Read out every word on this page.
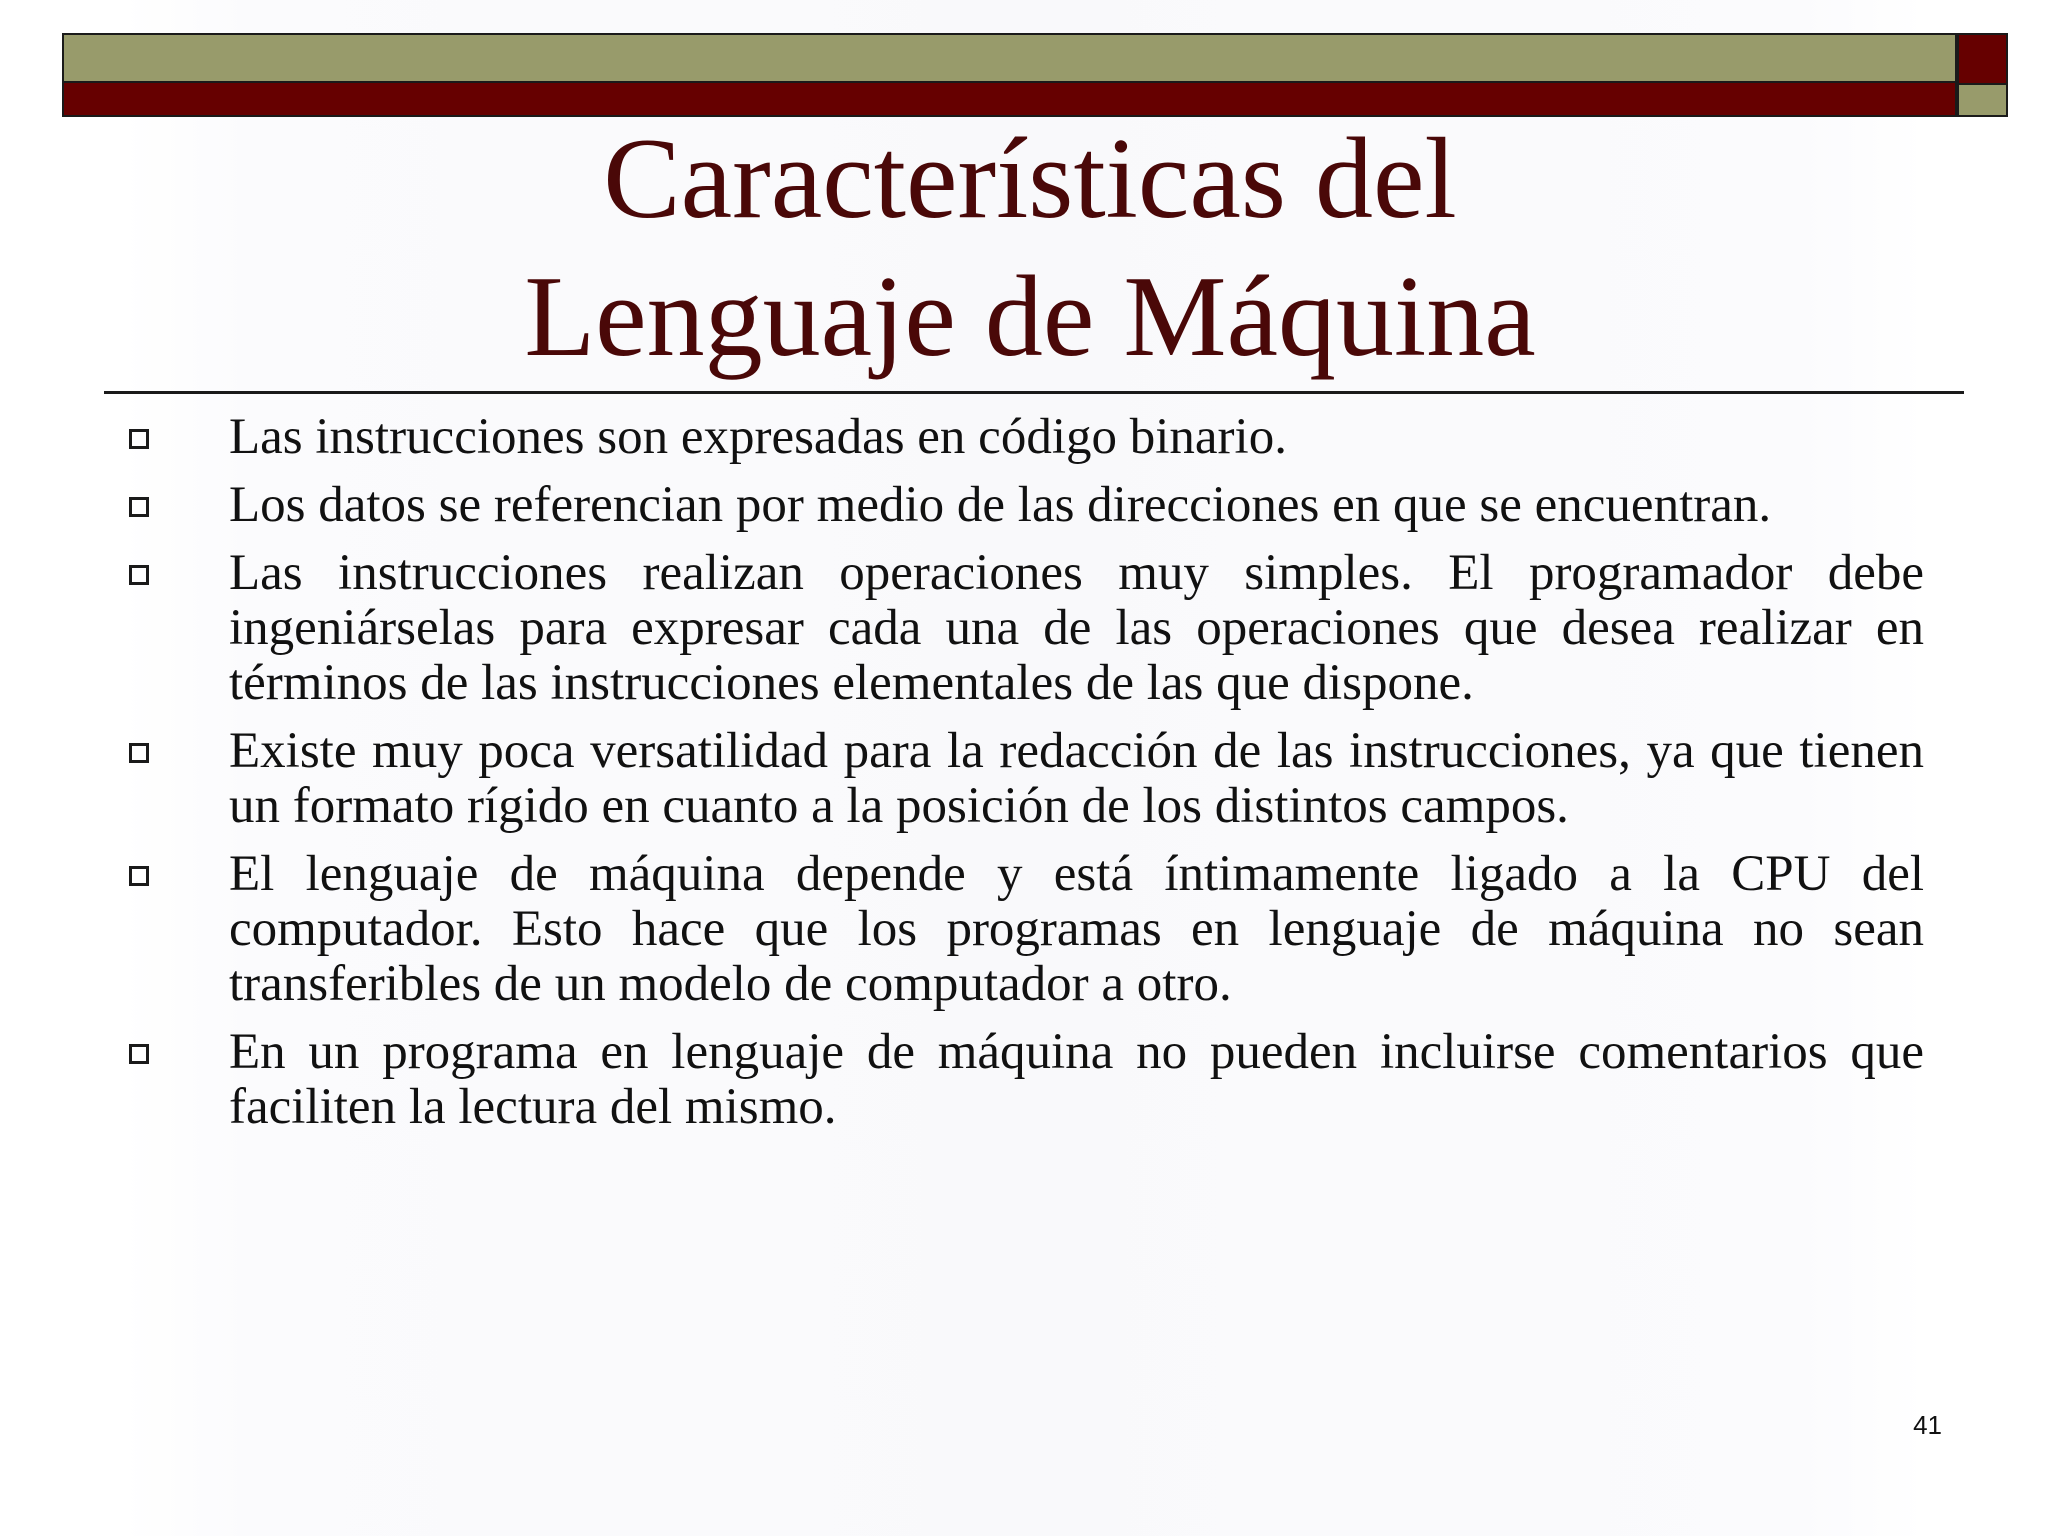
Características del
Lenguaje de Máquina
Las instrucciones son expresadas en código binario.
Los datos se referencian por medio de las direcciones en que se encuentran.
Las instrucciones realizan operaciones muy simples. El programador debe ingeniárselas para expresar cada una de las operaciones que desea realizar en términos de las instrucciones elementales de las que dispone.
Existe muy poca versatilidad para la redacción de las instrucciones, ya que tienen un formato rígido en cuanto a la posición de los distintos campos.
El lenguaje de máquina depende y está íntimamente ligado a la CPU del computador. Esto hace que los programas en lenguaje de máquina no sean transferibles de un modelo de computador a otro.
En un programa en lenguaje de máquina no pueden incluirse comentarios que faciliten la lectura del mismo.
41
